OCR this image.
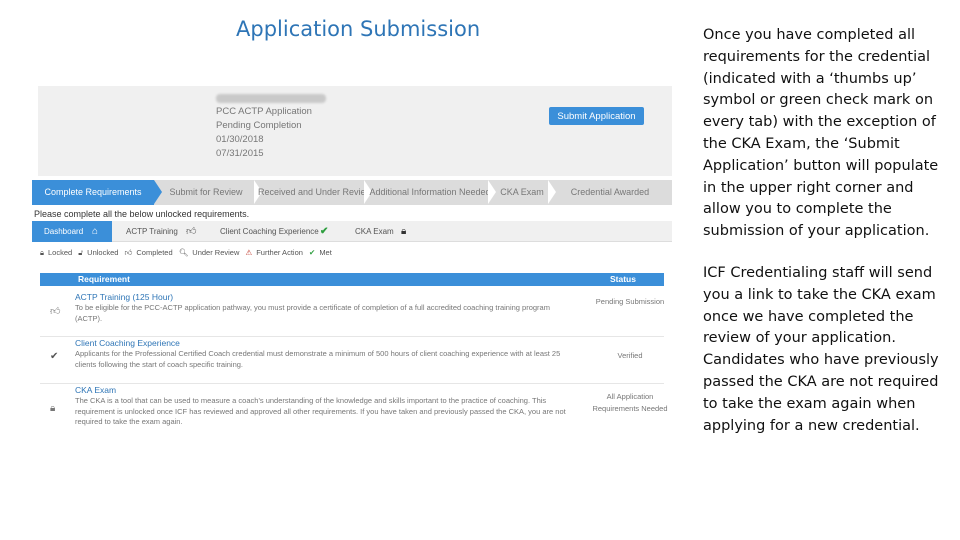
Application Submission	Once you have completed all requirements for the credential (indicated with a ‘thumbs up’ symbol or green check mark on every tab) with the exception of the CKA Exam, the ‘Submit Application’ button will populate in the upper right corner and allow you to complete the submission of your application.

ICF Credentialing staff will send you a link to take the CKA exam once we have completed the review of your application. Candidates who have previously passed the CKA are not required to take the exam again when applying for a new credential.

PCC ACTP Application
Pending Completion
01/30/2018
07/31/2015
Submit Application
Complete Requirements	Submit for Review	Received and Under Review
Additional Information Needed	CKA Exam	Credential Awarded
Please complete all the below unlocked requirements.
Dashboard ⌂	ACTP Training 👍︎	Client Coaching Experience ✔	CKA Exam 🔒︎
🔒︎ Locked 🔓︎ Unlocked 👍︎ Completed 🔍︎ Under Review ⚠ Further Action ✔ Met
Requirement	Status
👍︎
ACTP Training (125 Hour)
To be eligible for the PCC-ACTP application pathway, you must provide a certificate of completion of a full accredited coaching training program (ACTP).
Pending Submission
✔
Client Coaching Experience
Applicants for the Professional Certified Coach credential must demonstrate a minimum of 500 hours of client coaching experience with at least 25 clients following the start of coach specific training.
Verified
🔒︎
CKA Exam
The CKA is a tool that can be used to measure a coach's understanding of the knowledge and skills important to the practice of coaching. This requirement is unlocked once ICF has reviewed and approved all other requirements. If you have taken and previously passed the CKA, you are not required to take the exam again.
All Application Requirements Needed
